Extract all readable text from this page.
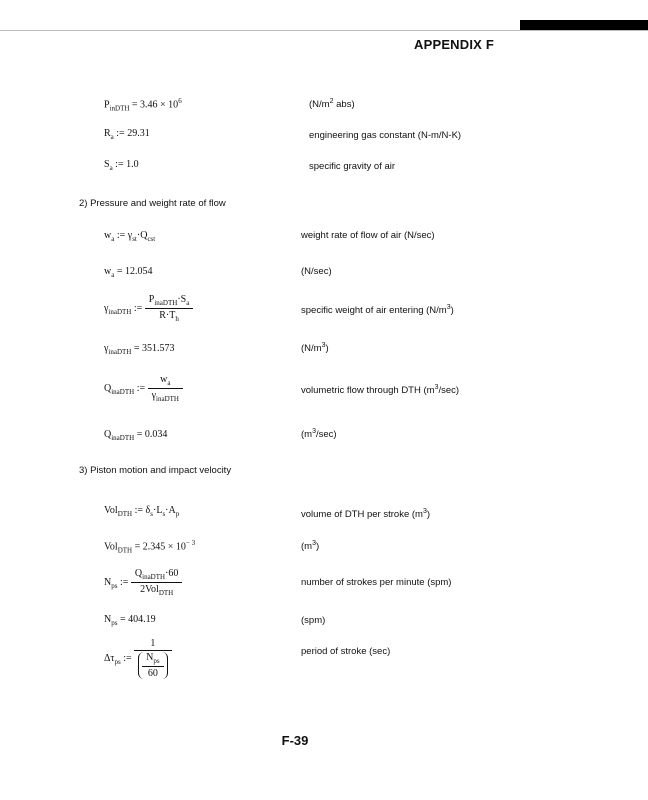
APPENDIX F
$P_{inDTH} = 3.46 \times 10^6$	($N/m^2$ abs)
$R_a$ := 29.31	engineering gas constant (N-m/N-K)
$S_a$ := 1.0	specific gravity of air
2) Pressure and weight rate of flow
$w_a$ := $\gamma_{st}\cdot Q_{cst}$	weight rate of flow of air (N/sec)
$w_a = 12.054$	(N/sec)
$\gamma_{inaDTH}$ := $\frac{P_{inaDTH}\cdot S_a}{R\cdot T_h}$	specific weight of air entering $(N/m^3)$
$\gamma_{inaDTH} = 351.573$	$(N/m^3)$
$Q_{inaDTH}$ := $\frac{w_a}{\gamma_{inaDTH}}$	volumetric flow through DTH $(m^3/\sec)$
$Q_{inaDTH} = 0.034$	$(m^3/\sec)$
3) Piston motion and impact velocity
Vol$_{DTH}$ := $\delta_s\cdot L_s\cdot A_p$	volume of DTH per stroke $(m^3)$
$Vol_{DTH} = 2.345 \times 10^{- 3}$	$(m^3)$
$N_{ps}$ := $\frac{Q_{inaDTH}\cdot 60}{2Vol_{DTH}}$	number of strokes per minute (spm)
$N_{ps} = 404.19$	(spm)
$\Delta\tau_{ps}$ := $\frac{1}{\frac{N_{ps}}{60}}$	period of stroke (sec)
F-39
